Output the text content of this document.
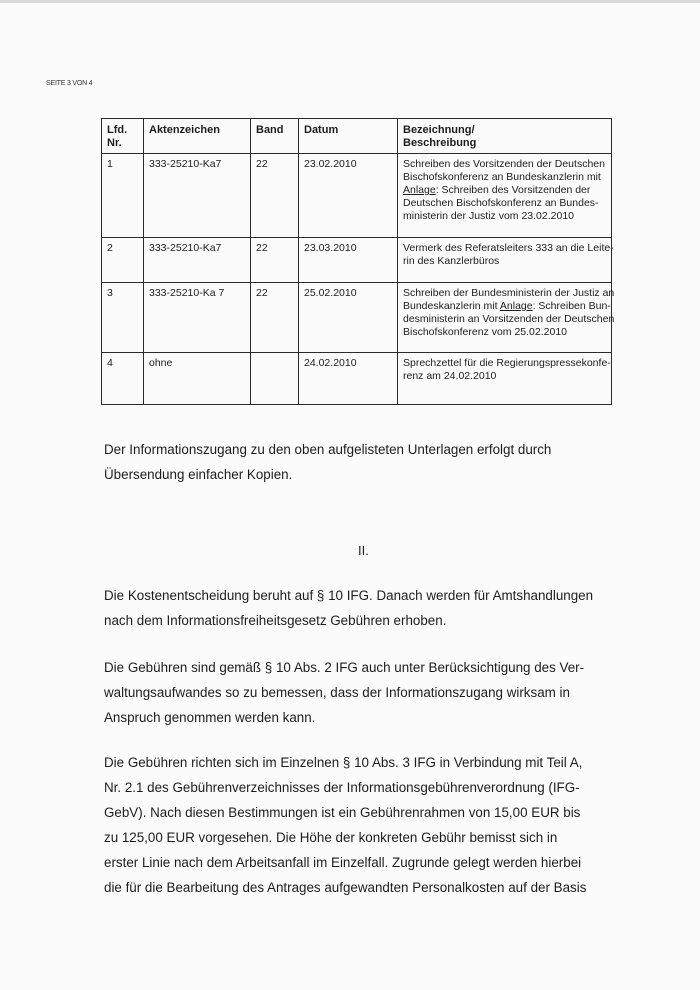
SEITE 3 VON 4
Lfd.
Nr.	Aktenzeichen	Band	Datum	Bezeichnung/
Beschreibung

1	333-25210-Ka7	22	23.02.2010	Schreiben des Vorsitzenden der Deutschen
Bischofskonferenz an Bundeskanzlerin mit
Anlage: Schreiben des Vorsitzenden der
Deutschen Bischofskonferenz an Bundes-
ministerin der Justiz vom 23.02.2010

2	333-25210-Ka7	22	23.03.2010	Vermerk des Referatsleiters 333 an die Leite-
rin des Kanzlerbüros

3	333-25210-Ka 7	22	25.02.2010	Schreiben der Bundesministerin der Justiz an
Bundeskanzlerin mit Anlage: Schreiben Bun-
desministerin an Vorsitzenden der Deutschen
Bischofskonferenz vom 25.02.2010

4	ohne		24.02.2010	Sprechzettel für die Regierungspressekonfe-
renz am 24.02.2010
Der Informationszugang zu den oben aufgelisteten Unterlagen erfolgt durch
Übersendung einfacher Kopien.
II.
Die Kostenentscheidung beruht auf § 10 IFG. Danach werden für Amtshandlungen
nach dem Informationsfreiheitsgesetz Gebühren erhoben.
Die Gebühren sind gemäß § 10 Abs. 2 IFG auch unter Berücksichtigung des Ver-
waltungsaufwandes so zu bemessen, dass der Informationszugang wirksam in
Anspruch genommen werden kann.
Die Gebühren richten sich im Einzelnen § 10 Abs. 3 IFG in Verbindung mit Teil A,
Nr. 2.1 des Gebührenverzeichnisses der Informationsgebührenverordnung (IFG-
GebV). Nach diesen Bestimmungen ist ein Gebührenrahmen von 15,00 EUR bis
zu 125,00 EUR vorgesehen. Die Höhe der konkreten Gebühr bemisst sich in
erster Linie nach dem Arbeitsanfall im Einzelfall. Zugrunde gelegt werden hierbei
die für die Bearbeitung des Antrages aufgewandten Personalkosten auf der Basis
